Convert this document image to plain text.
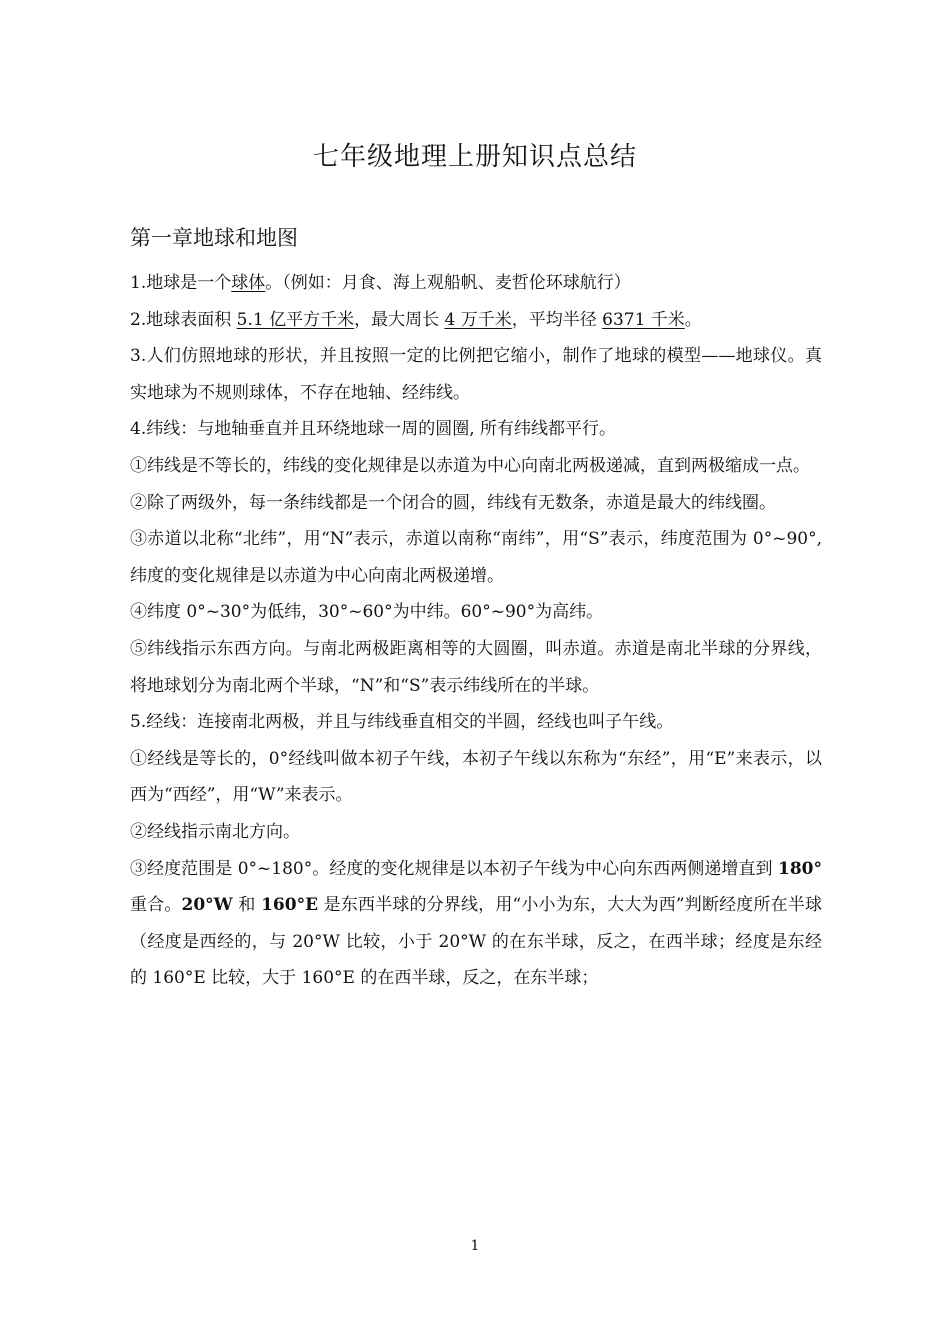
七年级地理上册知识点总结
第一章地球和地图

1.地球是一个球体。（例如：月食、海上观船帆、麦哲伦环球航行）

2.地球表面积 5.1 亿平方千米，最大周长 4 万千米，平均半径 6371 千米。

3.人们仿照地球的形状，并且按照一定的比例把它缩小，制作了地球的模型——地球仪。真实地球为不规则球体，不存在地轴、经纬线。

4.纬线：与地轴垂直并且环绕地球一周的圆圈, 所有纬线都平行。

①纬线是不等长的，纬线的变化规律是以赤道为中心向南北两极递减，直到两极缩成一点。

②除了两级外，每一条纬线都是一个闭合的圆，纬线有无数条，赤道是最大的纬线圈。

③赤道以北称“北纬”，用“N”表示，赤道以南称“南纬”，用“S”表示，纬度范围为 0°~90°,纬度的变化规律是以赤道为中心向南北两极递增。

④纬度 0°~30°为低纬，30°~60°为中纬。60°~90°为高纬。

⑤纬线指示东西方向。与南北两极距离相等的大圆圈，叫赤道。赤道是南北半球的分界线，将地球划分为南北两个半球，“N”和“S”表示纬线所在的半球。

5.经线：连接南北两极，并且与纬线垂直相交的半圆，经线也叫子午线。

①经线是等长的，0°经线叫做本初子午线，本初子午线以东称为“东经”，用“E”来表示，以西为“西经”，用“W”来表示。

②经线指示南北方向。

③经度范围是 0°~180°。经度的变化规律是以本初子午线为中心向东西两侧递增直到 180° 重合。20°W 和 160°E 是东西半球的分界线，用“小小为东，大大为西”判断经度所在半球（经度是西经的，与 20°W 比较，小于 20°W 的在东半球，反之，在西半球；经度是东经的 160°E 比较，大于 160°E 的在西半球，反之，在东半球；

1
